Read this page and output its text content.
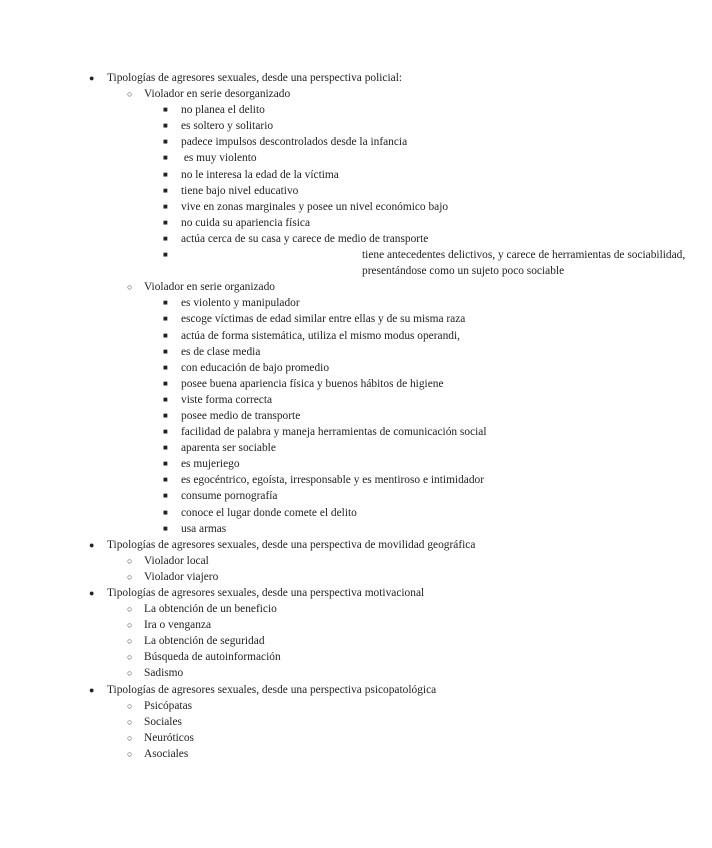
● Tipologías de agresores sexuales, desde una perspectiva policial:
○ Violador en serie desorganizado
■ no planea el delito
■ es soltero y solitario
■ padece impulsos descontrolados desde la infancia
■ es muy violento
■ no le interesa la edad de la víctima
■ tiene bajo nivel educativo
■ vive en zonas marginales y posee un nivel económico bajo
■ no cuida su apariencia física
■ actúa cerca de su casa y carece de medio de transporte
■	tiene antecedentes delictivos, y carece de herramientas de sociabilidad, presentándose como un sujeto poco sociable
○ Violador en serie organizado
■ es violento y manipulador
■ escoge víctimas de edad similar entre ellas y de su misma raza
■ actúa de forma sistemática, utiliza el mismo modus operandi,
■ es de clase media
■ con educación de bajo promedio
■ posee buena apariencia física y buenos hábitos de higiene
■ viste forma correcta
■ posee medio de transporte
■ facilidad de palabra y maneja herramientas de comunicación social
■ aparenta ser sociable
■ es mujeriego
■ es egocéntrico, egoísta, irresponsable y es mentiroso e intimidador
■ consume pornografía
■ conoce el lugar donde comete el delito
■ usa armas
● Tipologías de agresores sexuales, desde una perspectiva de movilidad geográfica
○ Violador local
○ Violador viajero
● Tipologías de agresores sexuales, desde una perspectiva motivacional
○ La obtención de un beneficio
○ Ira o venganza
○ La obtención de seguridad
○ Búsqueda de autoinformación
○ Sadismo
● Tipologías de agresores sexuales, desde una perspectiva psicopatológica
○ Psicópatas
○ Sociales
○ Neuróticos
○ Asociales
